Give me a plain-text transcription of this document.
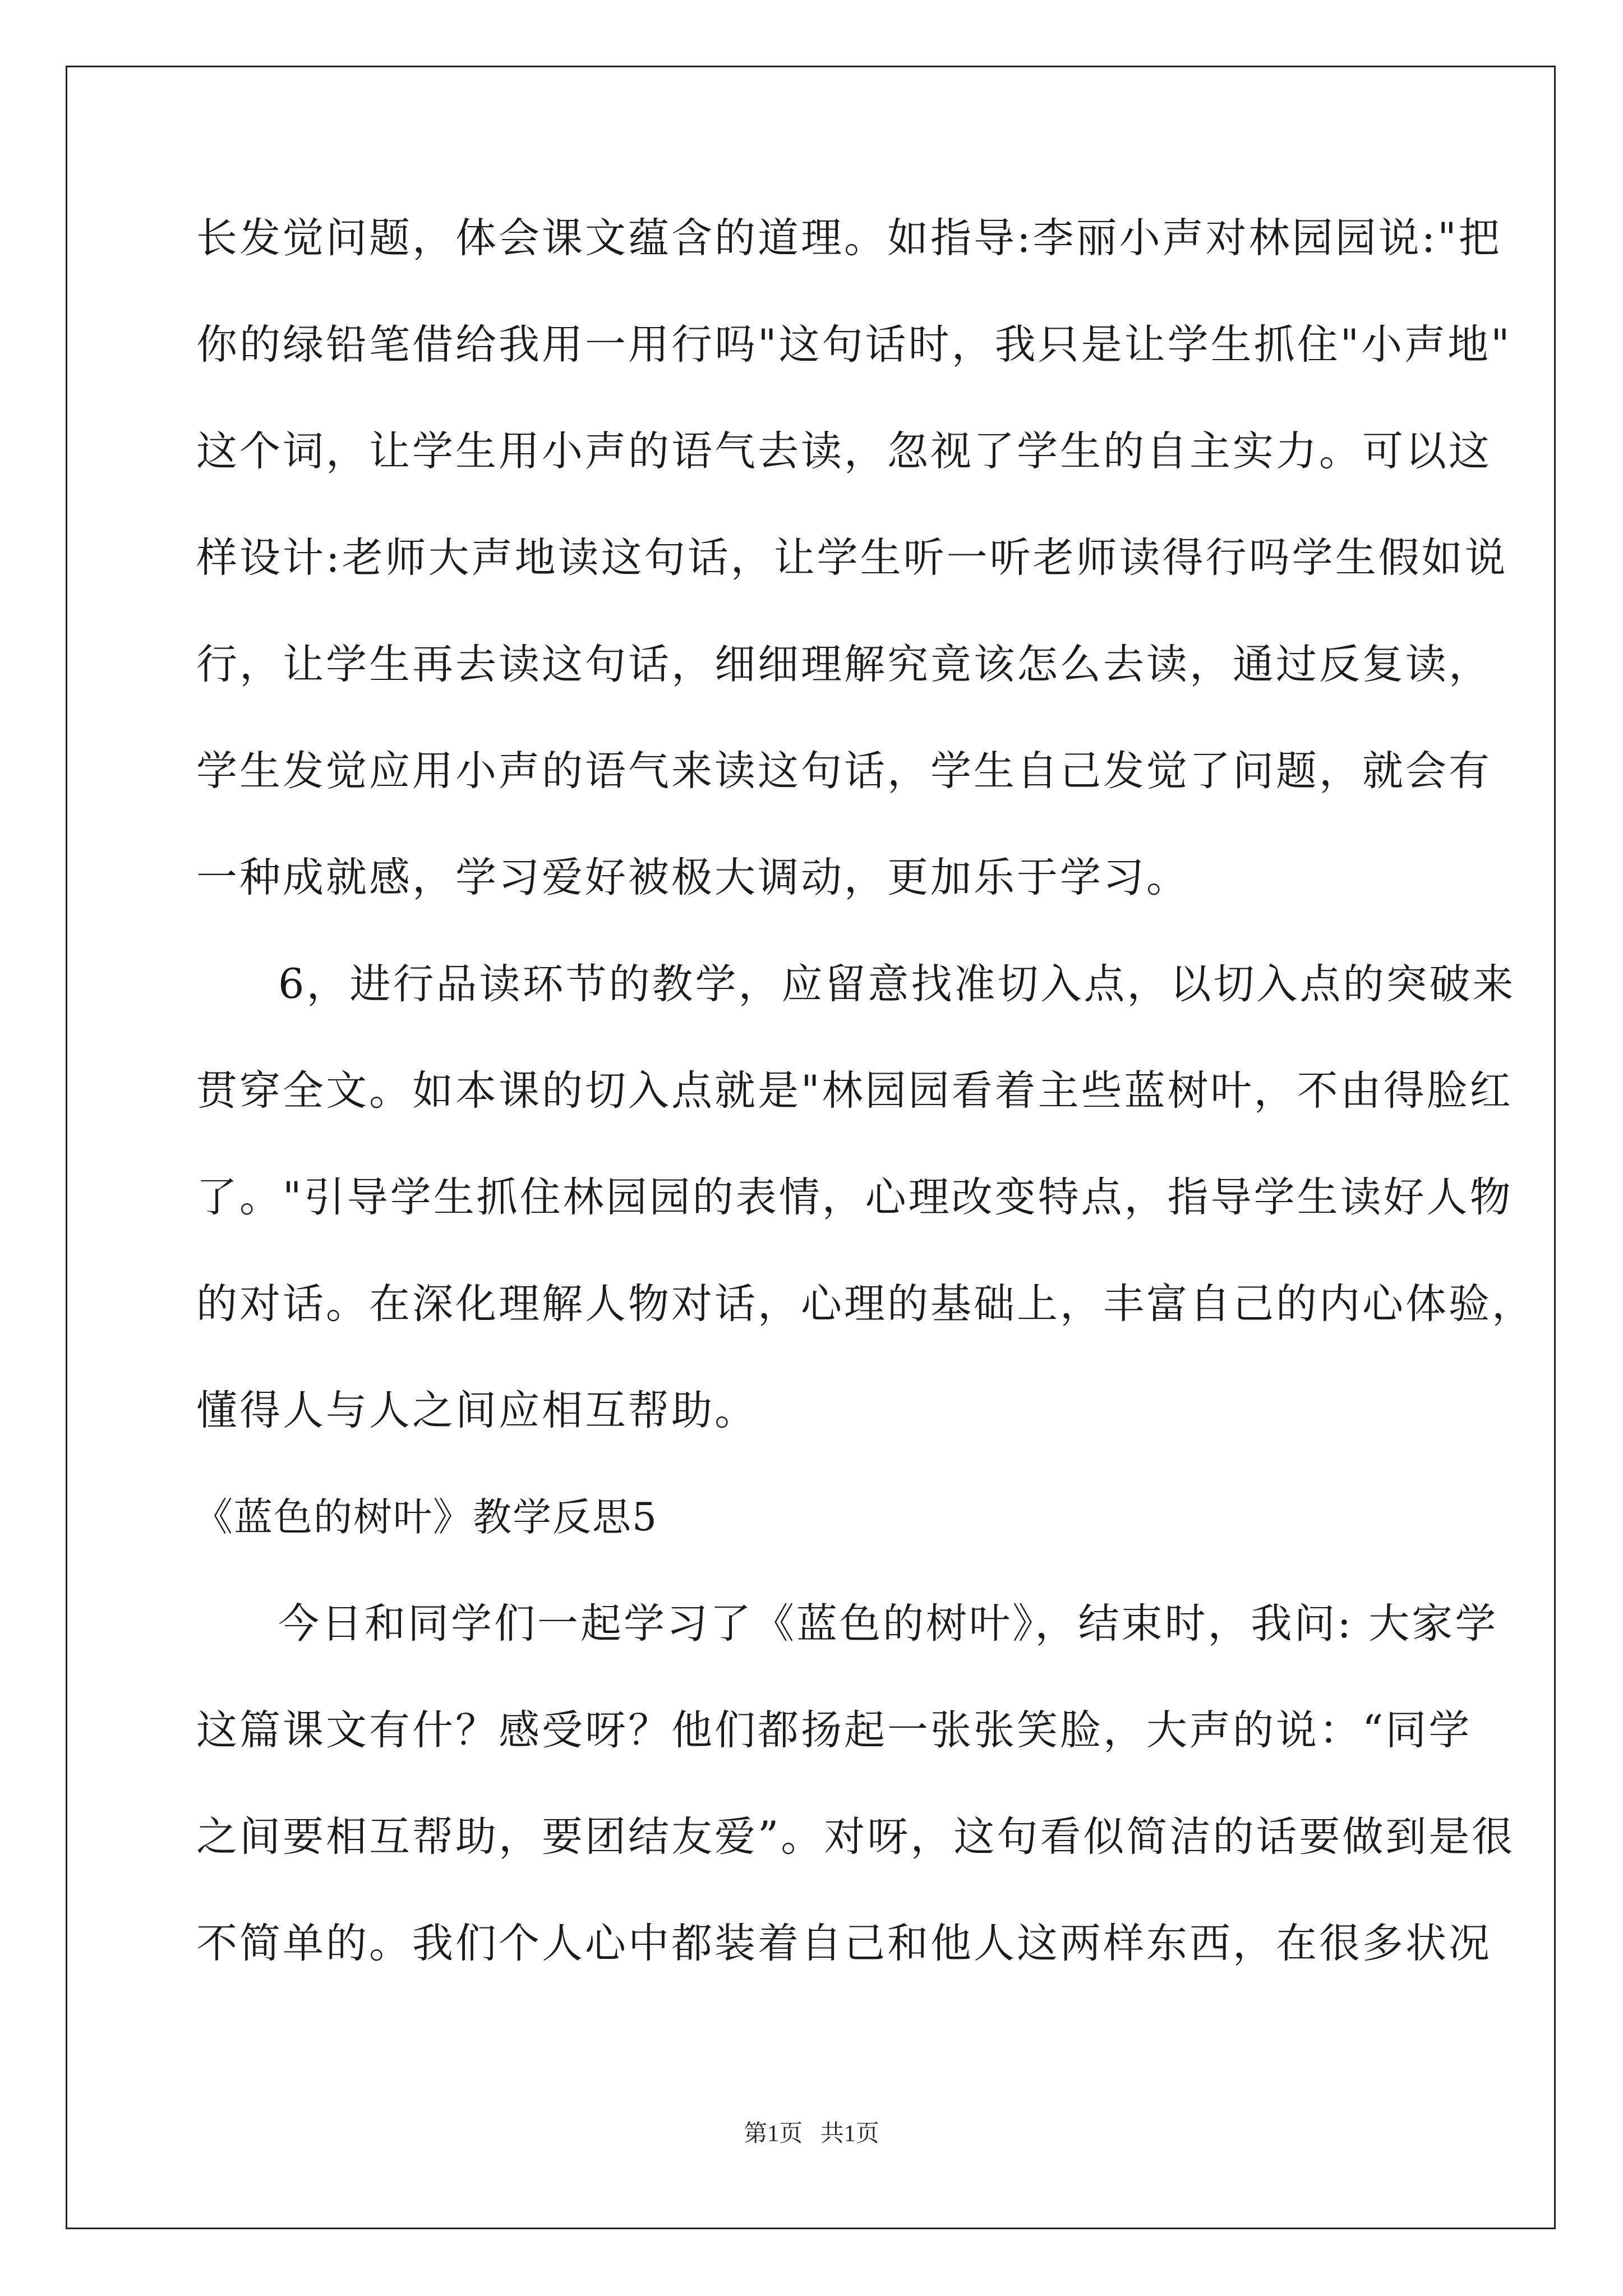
长发觉问题，体会课文蕴含的道理。如指导:李丽小声对林园园说:"把
你的绿铅笔借给我用一用行吗"这句话时，我只是让学生抓住"小声地"
这个词，让学生用小声的语气去读，忽视了学生的自主实力。可以这
样设计:老师大声地读这句话，让学生听一听老师读得行吗学生假如说
行，让学生再去读这句话，细细理解究竟该怎么去读，通过反复读，
学生发觉应用小声的语气来读这句话，学生自己发觉了问题，就会有
一种成就感，学习爱好被极大调动，更加乐于学习。
6，进行品读环节的教学，应留意找准切入点，以切入点的突破来
贯穿全文。如本课的切入点就是"林园园看着主些蓝树叶，不由得脸红
了。"引导学生抓住林园园的表情，心理改变特点，指导学生读好人物
的对话。在深化理解人物对话，心理的基础上，丰富自己的内心体验，
懂得人与人之间应相互帮助。
《蓝色的树叶》教学反思5
今日和同学们一起学习了《蓝色的树叶》，结束时，我问: 大家学
这篇课文有什？感受呀？他们都扬起一张张笑脸，大声的说：“同学
之间要相互帮助，要团结友爱”。对呀，这句看似简洁的话要做到是很
不简单的。我们个人心中都装着自己和他人这两样东西，在很多状况
第1页   共1页
